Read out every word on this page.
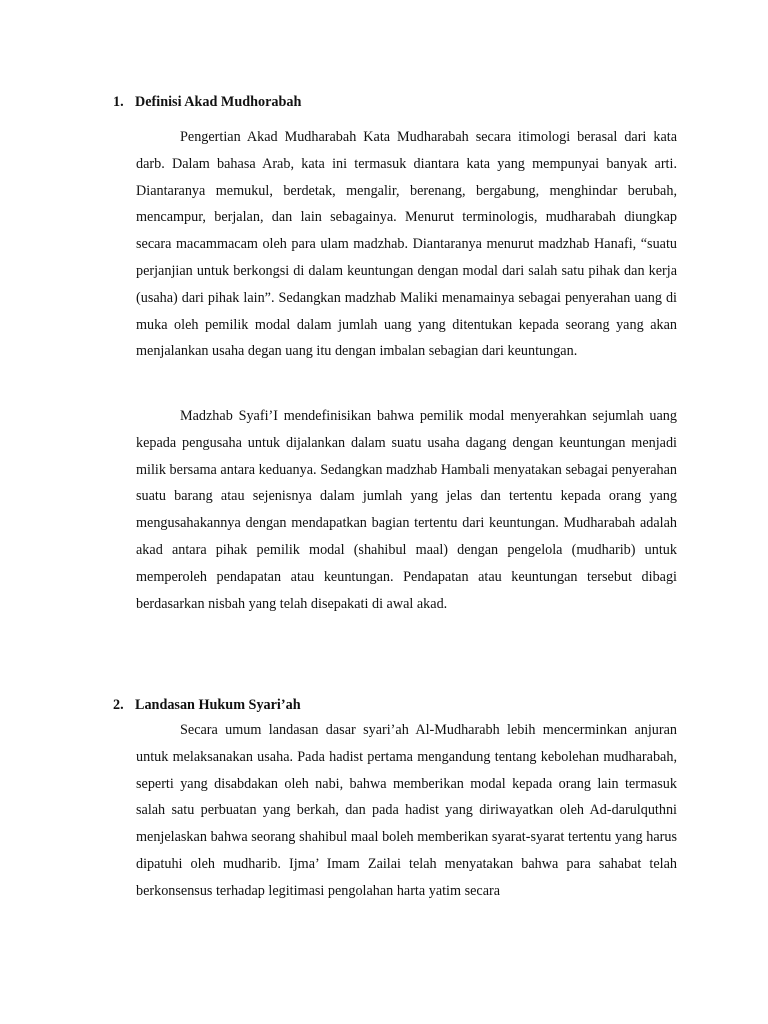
1. Definisi Akad Mudhorabah

Pengertian Akad Mudharabah Kata Mudharabah secara itimologi berasal dari kata darb. Dalam bahasa Arab, kata ini termasuk diantara kata yang mempunyai banyak arti. Diantaranya memukul, berdetak, mengalir, berenang, bergabung, menghindar berubah, mencampur, berjalan, dan lain sebagainya. Menurut terminologis, mudharabah diungkap secara macammacam oleh para ulam madzhab. Diantaranya menurut madzhab Hanafi, “suatu perjanjian untuk berkongsi di dalam keuntungan dengan modal dari salah satu pihak dan kerja (usaha) dari pihak lain”. Sedangkan madzhab Maliki menamainya sebagai penyerahan uang di muka oleh pemilik modal dalam jumlah uang yang ditentukan kepada seorang yang akan menjalankan usaha degan uang itu dengan imbalan sebagian dari keuntungan.

Madzhab Syafi’I mendefinisikan bahwa pemilik modal menyerahkan sejumlah uang kepada pengusaha untuk dijalankan dalam suatu usaha dagang dengan keuntungan menjadi milik bersama antara keduanya. Sedangkan madzhab Hambali menyatakan sebagai penyerahan suatu barang atau sejenisnya dalam jumlah yang jelas dan tertentu kepada orang yang mengusahakannya dengan mendapatkan bagian tertentu dari keuntungan. Mudharabah adalah akad antara pihak pemilik modal (shahibul maal) dengan pengelola (mudharib) untuk memperoleh pendapatan atau keuntungan. Pendapatan atau keuntungan tersebut dibagi berdasarkan nisbah yang telah disepakati di awal akad.

2. Landasan Hukum Syari’ah

Secara umum landasan dasar syari’ah Al-Mudharabh lebih mencerminkan anjuran untuk melaksanakan usaha. Pada hadist pertama mengandung tentang kebolehan mudharabah, seperti yang disabdakan oleh nabi, bahwa memberikan modal kepada orang lain termasuk salah satu perbuatan yang berkah, dan pada hadist yang diriwayatkan oleh Ad-darulquthni menjelaskan bahwa seorang shahibul maal boleh memberikan syarat-syarat tertentu yang harus dipatuhi oleh mudharib. Ijma’ Imam Zailai telah menyatakan bahwa para sahabat telah berkonsensus terhadap legitimasi pengolahan harta yatim secara
